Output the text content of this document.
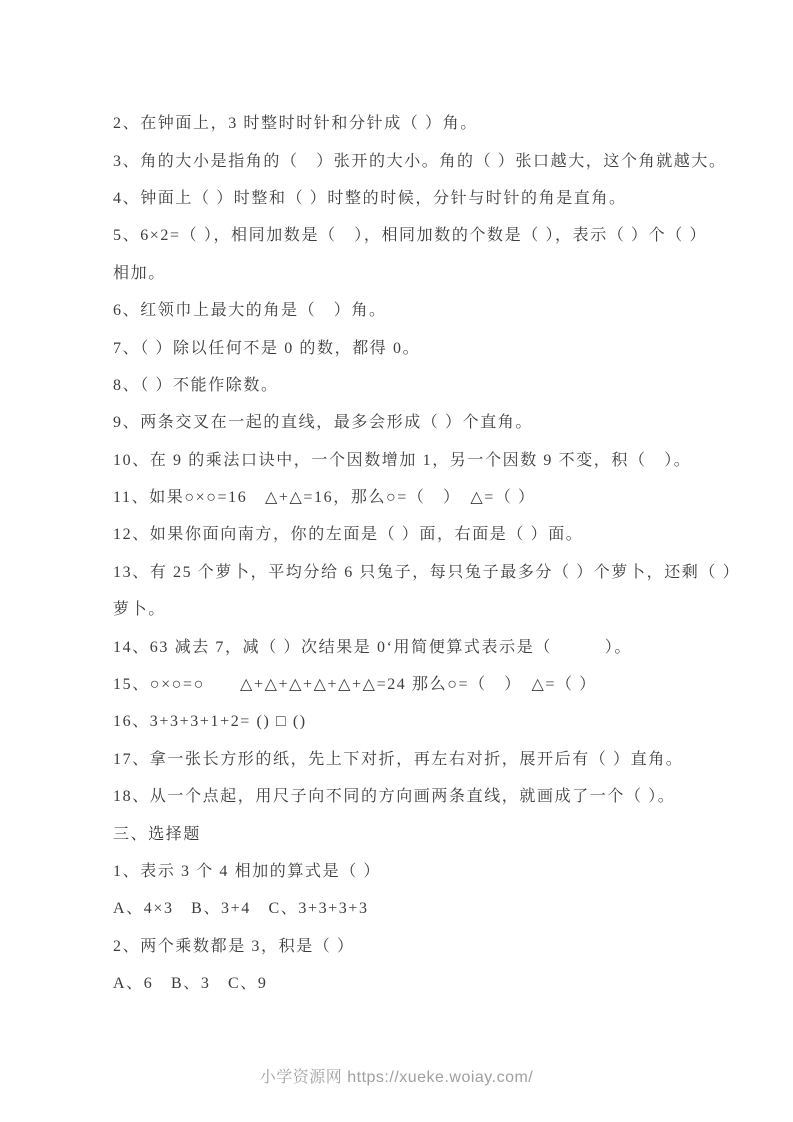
2、在钟面上，3 时整时时针和分针成（ ）角。
3、角的大小是指角的（　）张开的大小。角的（ ）张口越大，这个角就越大。
4、钟面上（ ）时整和（ ）时整的时候，分针与时针的角是直角。
5、6×2=（ ），相同加数是（　），相同加数的个数是（ ），表示（ ）个（ ）
相加。
6、红领巾上最大的角是（　）角。
7、（ ）除以任何不是 0 的数，都得 0。
8、（ ）不能作除数。
9、两条交叉在一起的直线，最多会形成（ ）个直角。
10、在 9 的乘法口诀中，一个因数增加 1，另一个因数 9 不变，积（　）。
11、如果○×○=16　△+△=16，那么○=（　）　△=（ ）
12、如果你面向南方，你的左面是（ ）面，右面是（ ）面。
13、有 25 个萝卜，平均分给 6 只兔子，每只兔子最多分（ ）个萝卜，还剩（ ）
萝卜。
14、63 减去 7，减（ ）次结果是 0‘用简便算式表示是（　　　）。
15、○×○=○　　△+△+△+△+△+△=24 那么○=（　）　△=（ ）
16、3+3+3+1+2= () □ ()
17、拿一张长方形的纸，先上下对折，再左右对折，展开后有（ ）直角。
18、从一个点起，用尺子向不同的方向画两条直线，就画成了一个（ ）。
三、选择题
1、表示 3 个 4 相加的算式是（ ）
A、4×3　B、3+4　C、3+3+3+3
2、两个乘数都是 3，积是（ ）
A、6　B、3　C、9
小学资源网 https://xueke.woiay.com/
